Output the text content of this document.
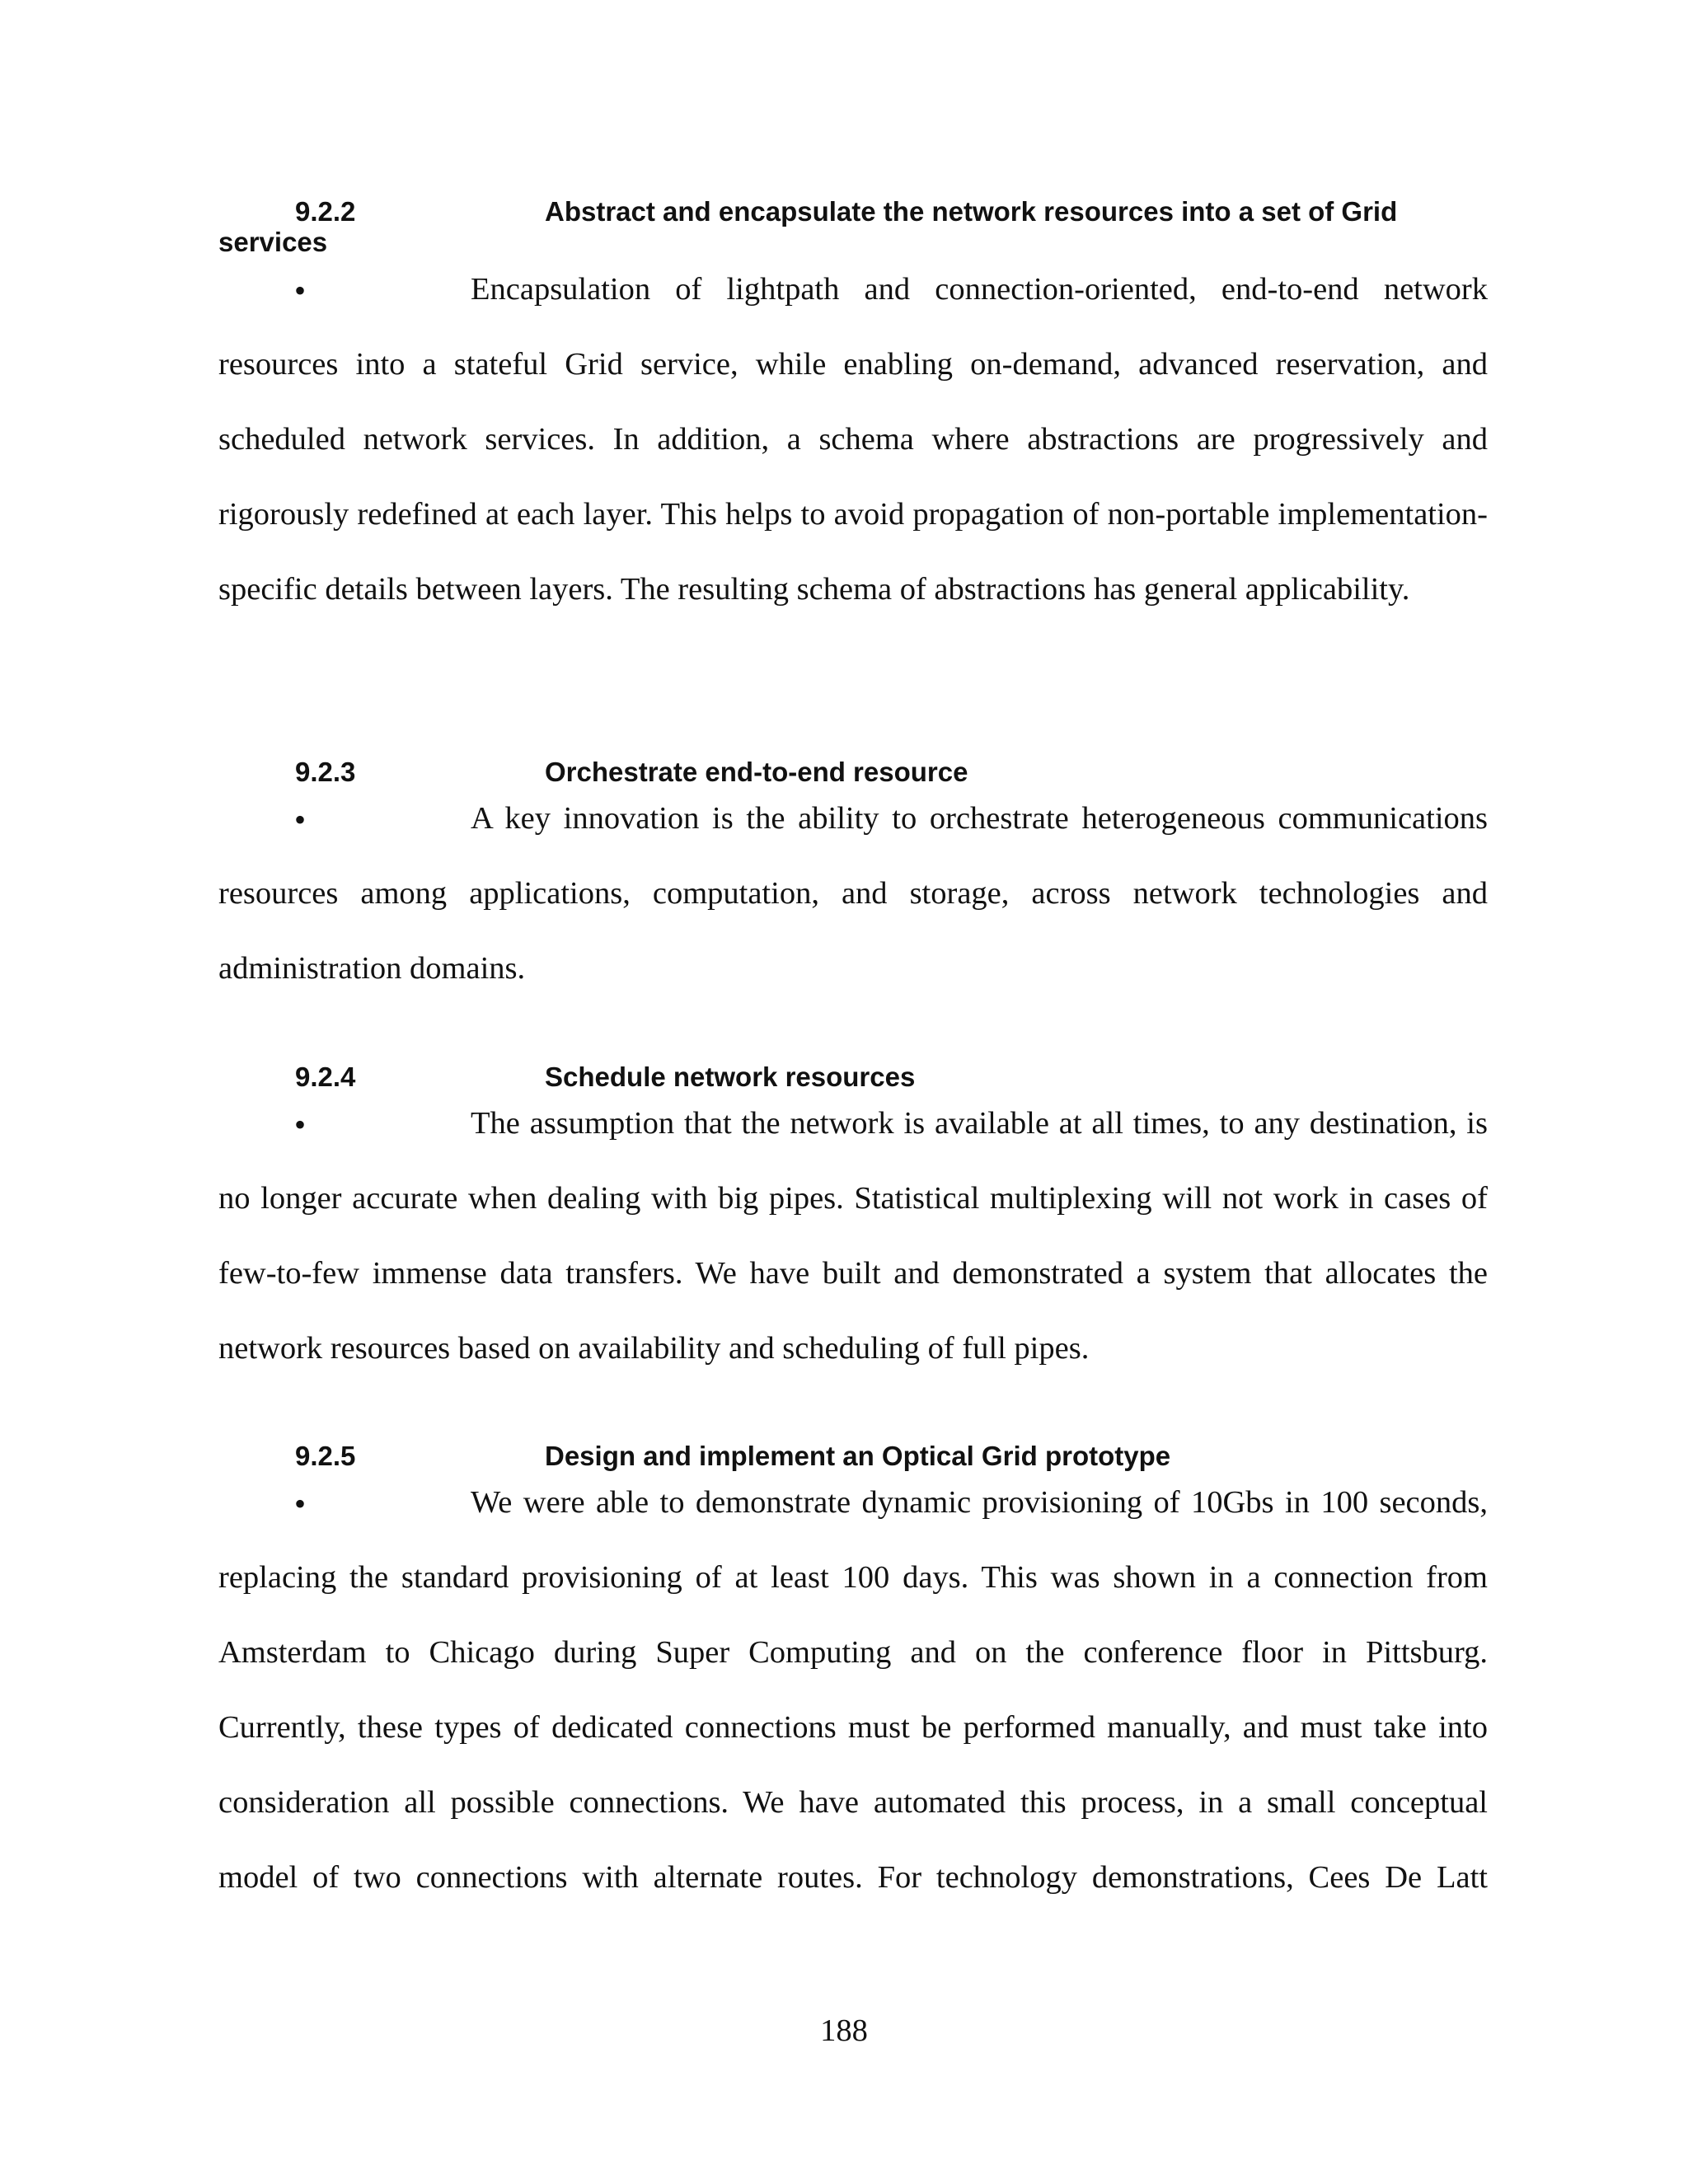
9.2.2	Abstract and encapsulate the network resources into a set of Grid
services
•	Encapsulation of lightpath and connection-oriented, end-to-end network resources into a stateful Grid service, while enabling on-demand, advanced reservation, and scheduled network services. In addition, a schema where abstractions are progressively and rigorously redefined at each layer. This helps to avoid propagation of non-portable implementation-specific details between layers. The resulting schema of abstractions has general applicability.

9.2.3	Orchestrate end-to-end resource
•	A key innovation is the ability to orchestrate heterogeneous communications resources among applications, computation, and storage, across network technologies and administration domains.

9.2.4	Schedule network resources
•	The assumption that the network is available at all times, to any destination, is no longer accurate when dealing with big pipes. Statistical multiplexing will not work in cases of few-to-few immense data transfers. We have built and demonstrated a system that allocates the network resources based on availability and scheduling of full pipes.

9.2.5	Design and implement an Optical Grid prototype
•	We were able to demonstrate dynamic provisioning of 10Gbs in 100 seconds, replacing the standard provisioning of at least 100 days. This was shown in a connection from Amsterdam to Chicago during Super Computing and on the conference floor in Pittsburg. Currently, these types of dedicated connections must be performed manually, and must take into consideration all possible connections. We have automated this process, in a small conceptual model of two connections with alternate routes. For technology demonstrations, Cees De Latt

188
